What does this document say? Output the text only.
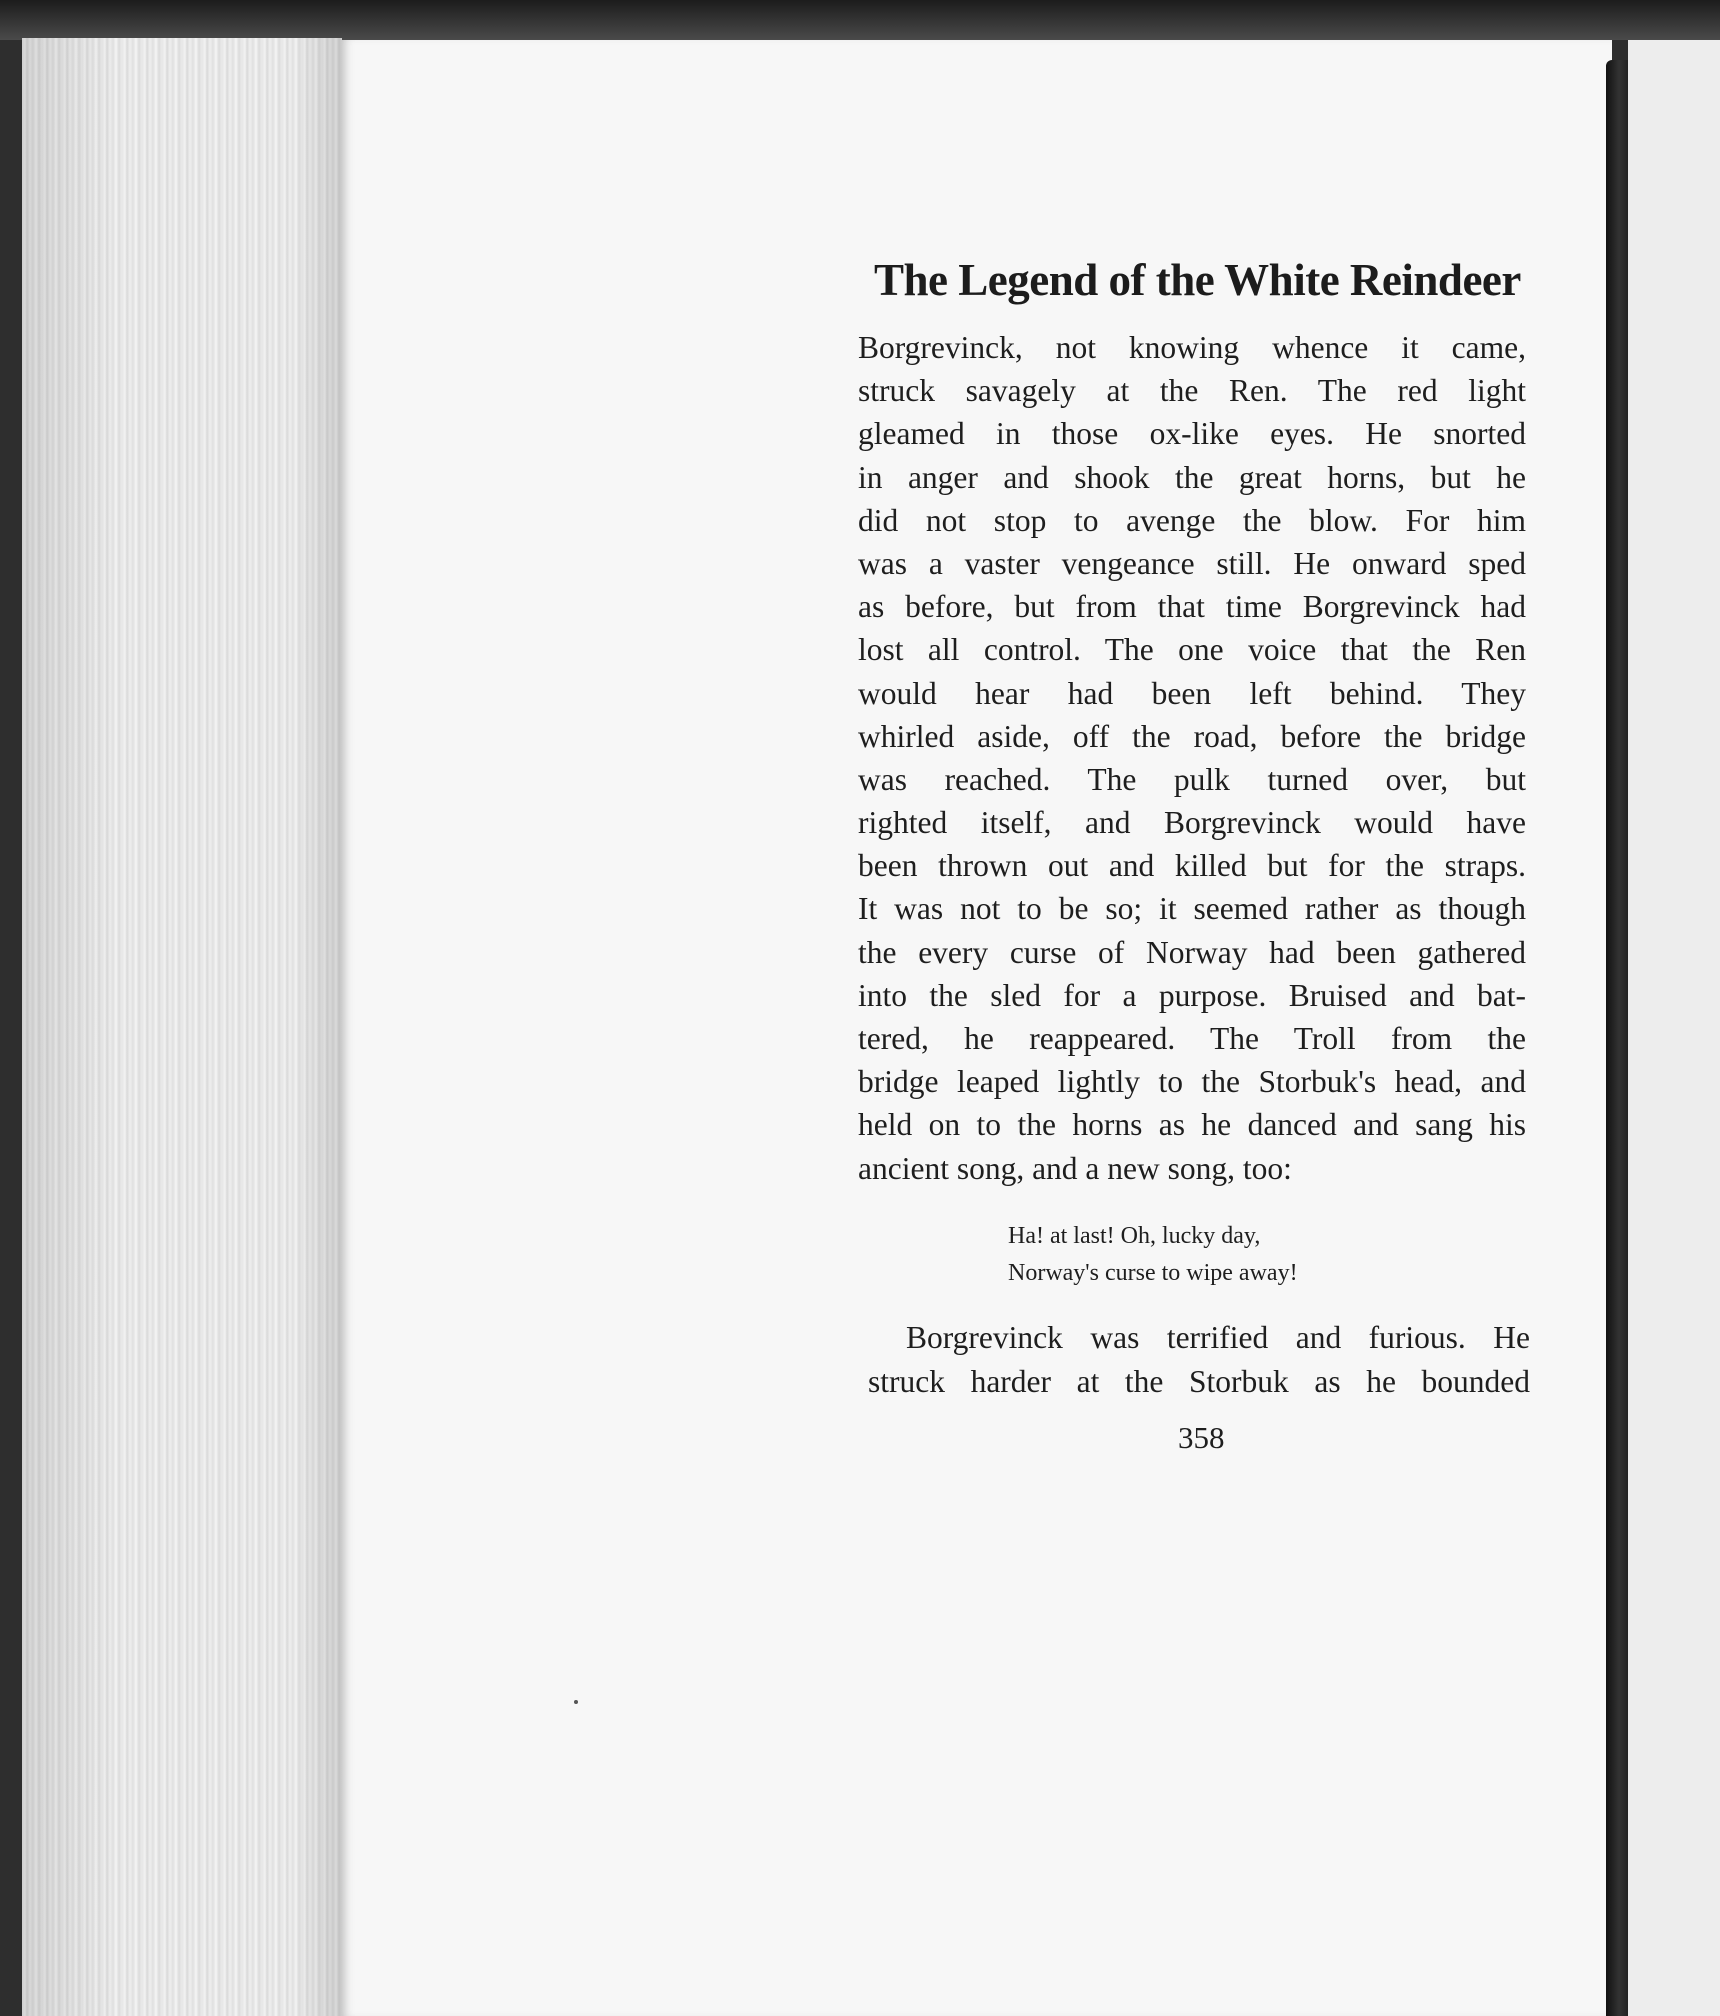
The Legend of the White Reindeer
Borgrevinck, not knowing whence it came,
struck savagely at the Ren. The red light
gleamed in those ox-like eyes. He snorted
in anger and shook the great horns, but he
did not stop to avenge the blow. For him
was a vaster vengeance still. He onward sped
as before, but from that time Borgrevinck had
lost all control. The one voice that the Ren
would hear had been left behind. They
whirled aside, off the road, before the bridge
was reached. The pulk turned over, but
righted itself, and Borgrevinck would have
been thrown out and killed but for the straps.
It was not to be so; it seemed rather as though
the every curse of Norway had been gathered
into the sled for a purpose. Bruised and bat-
tered, he reappeared. The Troll from the
bridge leaped lightly to the Storbuk's head, and
held on to the horns as he danced and sang his
ancient song, and a new song, too:
Ha! at last! Oh, lucky day,
Norway's curse to wipe away!
Borgrevinck was terrified and furious. He
struck harder at the Storbuk as he bounded
358
